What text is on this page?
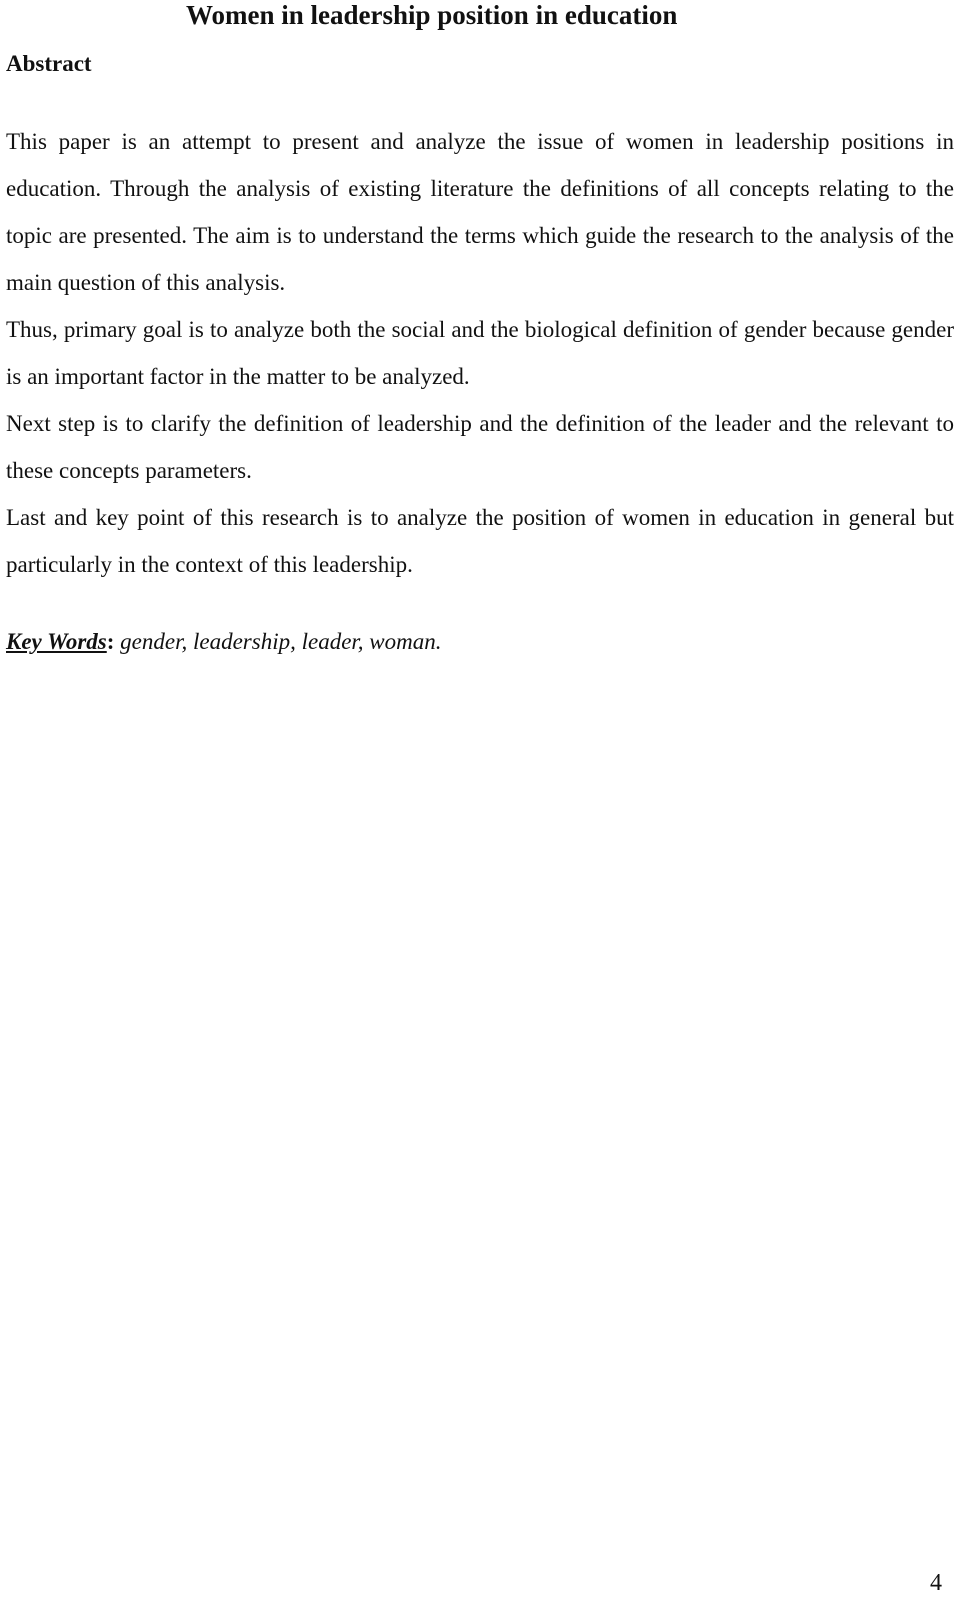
Women in leadership position in education
Abstract

This paper is an attempt to present and analyze the issue of women in leadership positions in education. Through the analysis of existing literature the definitions of all concepts relating to the topic are presented. The aim is to understand the terms which guide the research to the analysis of the main question of this analysis.

Thus, primary goal is to analyze both the social and the biological definition of gender because gender is an important factor in the matter to be analyzed.

Next step is to clarify the definition of leadership and the definition of the leader and the relevant to these concepts parameters.

Last and key point of this research is to analyze the position of women in education in general but particularly in the context of this leadership.

Key Words: gender, leadership, leader, woman.
4
